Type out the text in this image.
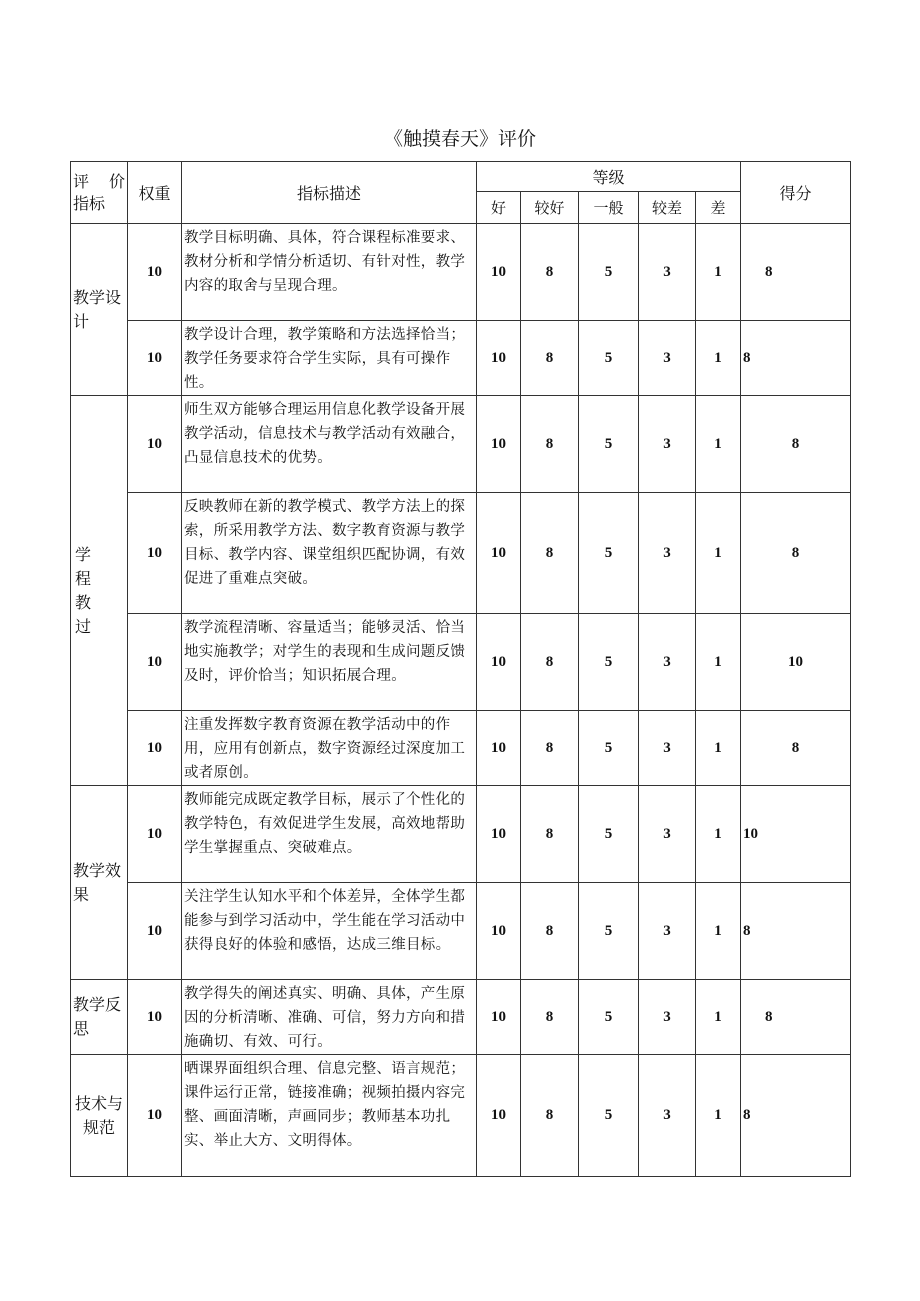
《触摸春天》评价
评　价
指标	权重	指标描述	等级					得分
			好	较好	一般	较差	差	

教学设
计	10	教学目标明确、具体，符合课程标准要求、教材分析和学情分析适切、有针对性，教学内容的取舍与呈现合理。	10	8	5	3	1	8
	10	教学设计合理，教学策略和方法选择恰当；教学任务要求符合学生实际，具有可操作性。	10	8	5	3	1	8

学
程
教
过	10	师生双方能够合理运用信息化教学设备开展教学活动，信息技术与教学活动有效融合，凸显信息技术的优势。	10	8	5	3	1	8
	10	反映教师在新的教学模式、教学方法上的探索，所采用教学方法、数字教育资源与教学目标、教学内容、课堂组织匹配协调，有效促进了重难点突破。	10	8	5	3	1	8
	10	教学流程清晰、容量适当；能够灵活、恰当地实施教学；对学生的表现和生成问题反馈及时，评价恰当；知识拓展合理。	10	8	5	3	1	10
	10	注重发挥数字教育资源在教学活动中的作用，应用有创新点，数字资源经过深度加工或者原创。	10	8	5	3	1	8

教学效
果	10	教师能完成既定教学目标，展示了个性化的教学特色，有效促进学生发展，高效地帮助学生掌握重点、突破难点。	10	8	5	3	1	10
	10	关注学生认知水平和个体差异，全体学生都能参与到学习活动中，学生能在学习活动中获得良好的体验和感悟，达成三维目标。	10	8	5	3	1	8

教学反
思	10	教学得失的阐述真实、明确、具体，产生原因的分析清晰、准确、可信，努力方向和措施确切、有效、可行。	10	8	5	3	1	8

技术与
规范	10	晒课界面组织合理、信息完整、语言规范；课件运行正常，链接准确；视频拍摄内容完整、画面清晰，声画同步；教师基本功扎实、举止大方、文明得体。	10	8	5	3	1	8
